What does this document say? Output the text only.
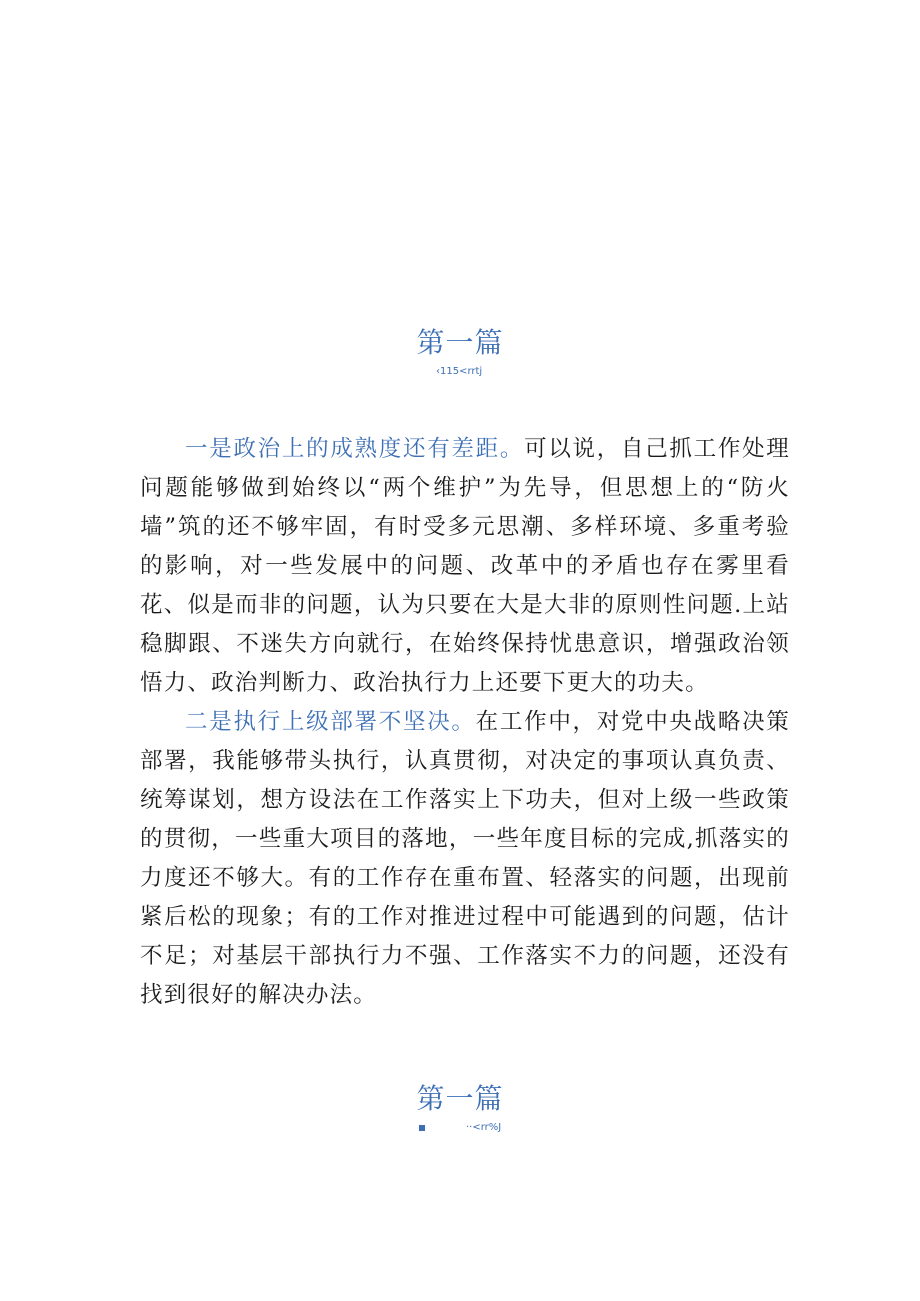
第一篇
‹115<rrtj

一是政治上的成熟度还有差距。可以说，自己抓工作处理问题能够做到始终以“两个维护”为先导，但思想上的“防火墙”筑的还不够牢固，有时受多元思潮、多样环境、多重考验的影响，对一些发展中的问题、改革中的矛盾也存在雾里看花、似是而非的问题，认为只要在大是大非的原则性问题.上站稳脚跟、不迷失方向就行，在始终保持忧患意识，增强政治领悟力、政治判断力、政治执行力上还要下更大的功夫。

二是执行上级部署不坚决。在工作中，对党中央战略决策部署，我能够带头执行，认真贯彻，对决定的事项认真负责、统筹谋划，想方设法在工作落实上下功夫，但对上级一些政策的贯彻，一些重大项目的落地，一些年度目标的完成,抓落实的力度还不够大。有的工作存在重布置、轻落实的问题，出现前紧后松的现象；有的工作对推进过程中可能遇到的问题，估计不足；对基层干部执行力不强、工作落实不力的问题，还没有找到很好的解决办法。

第一篇
··<rr%J
